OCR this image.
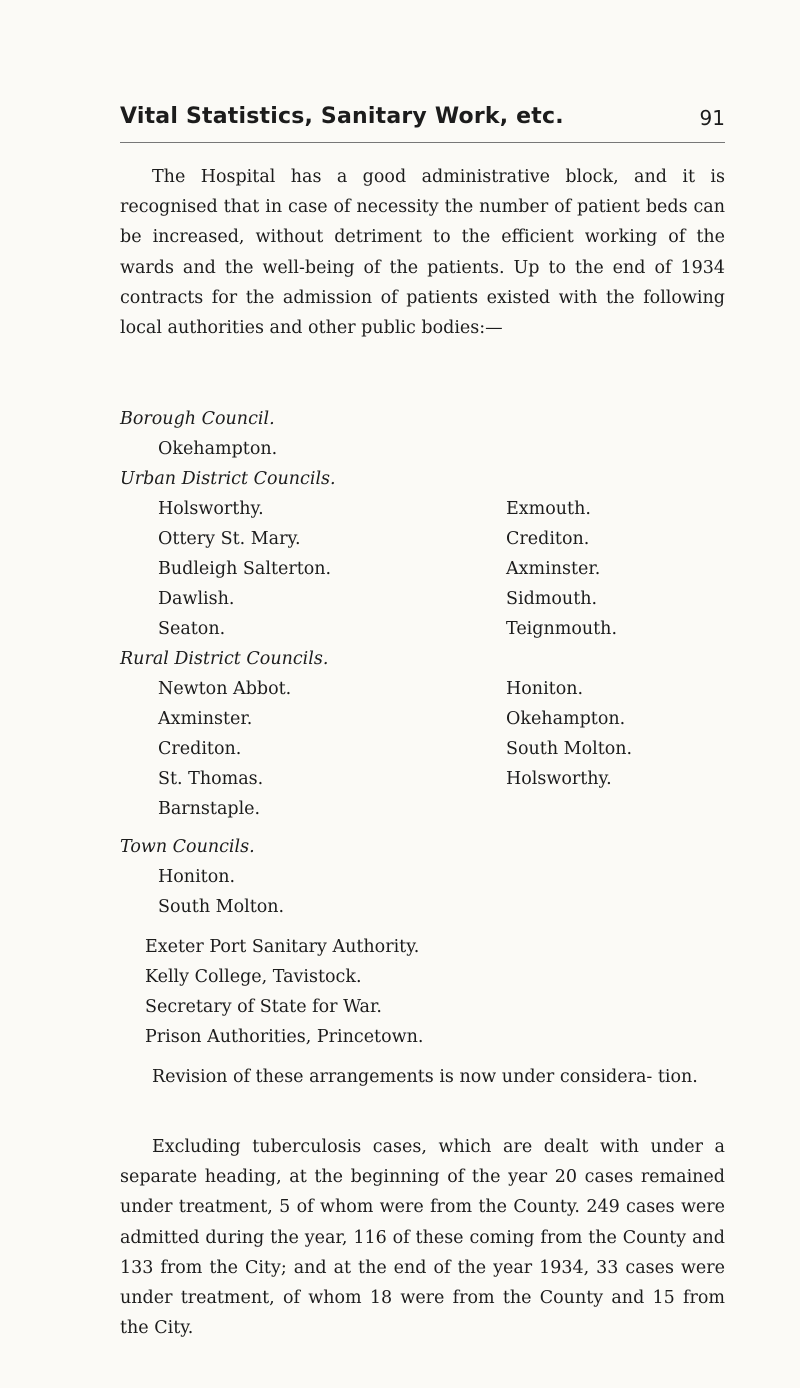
Vital Statistics, Sanitary Work, etc.	91

The Hospital has a good administrative block, and it is recognised that in case of necessity the number of patient beds can be increased, without detriment to the efficient working of the wards and the well-being of the patients. Up to the end of 1934 contracts for the admission of patients existed with the following local authorities and other public bodies:—

Borough Council.
Okehampton.
Urban District Councils.
Holsworthy.
Ottery St. Mary.
Budleigh Salterton.
Dawlish.
Seaton.
Exmouth.
Crediton.
Axminster.
Sidmouth.
Teignmouth.
Rural District Councils.
Newton Abbot.
Axminster.
Crediton.
St. Thomas.
Barnstaple.
Honiton.
Okehampton.
South Molton.
Holsworthy.
Town Councils.
Honiton.
South Molton.
Exeter Port Sanitary Authority.
Kelly College, Tavistock.
Secretary of State for War.
Prison Authorities, Princetown.

Revision of these arrangements is now under considera- tion.

Excluding tuberculosis cases, which are dealt with under a separate heading, at the beginning of the year 20 cases remained under treatment, 5 of whom were from the County. 249 cases were admitted during the year, 116 of these coming from the County and 133 from the City; and at the end of the year 1934, 33 cases were under treatment, of whom 18 were from the County and 15 from the City.
